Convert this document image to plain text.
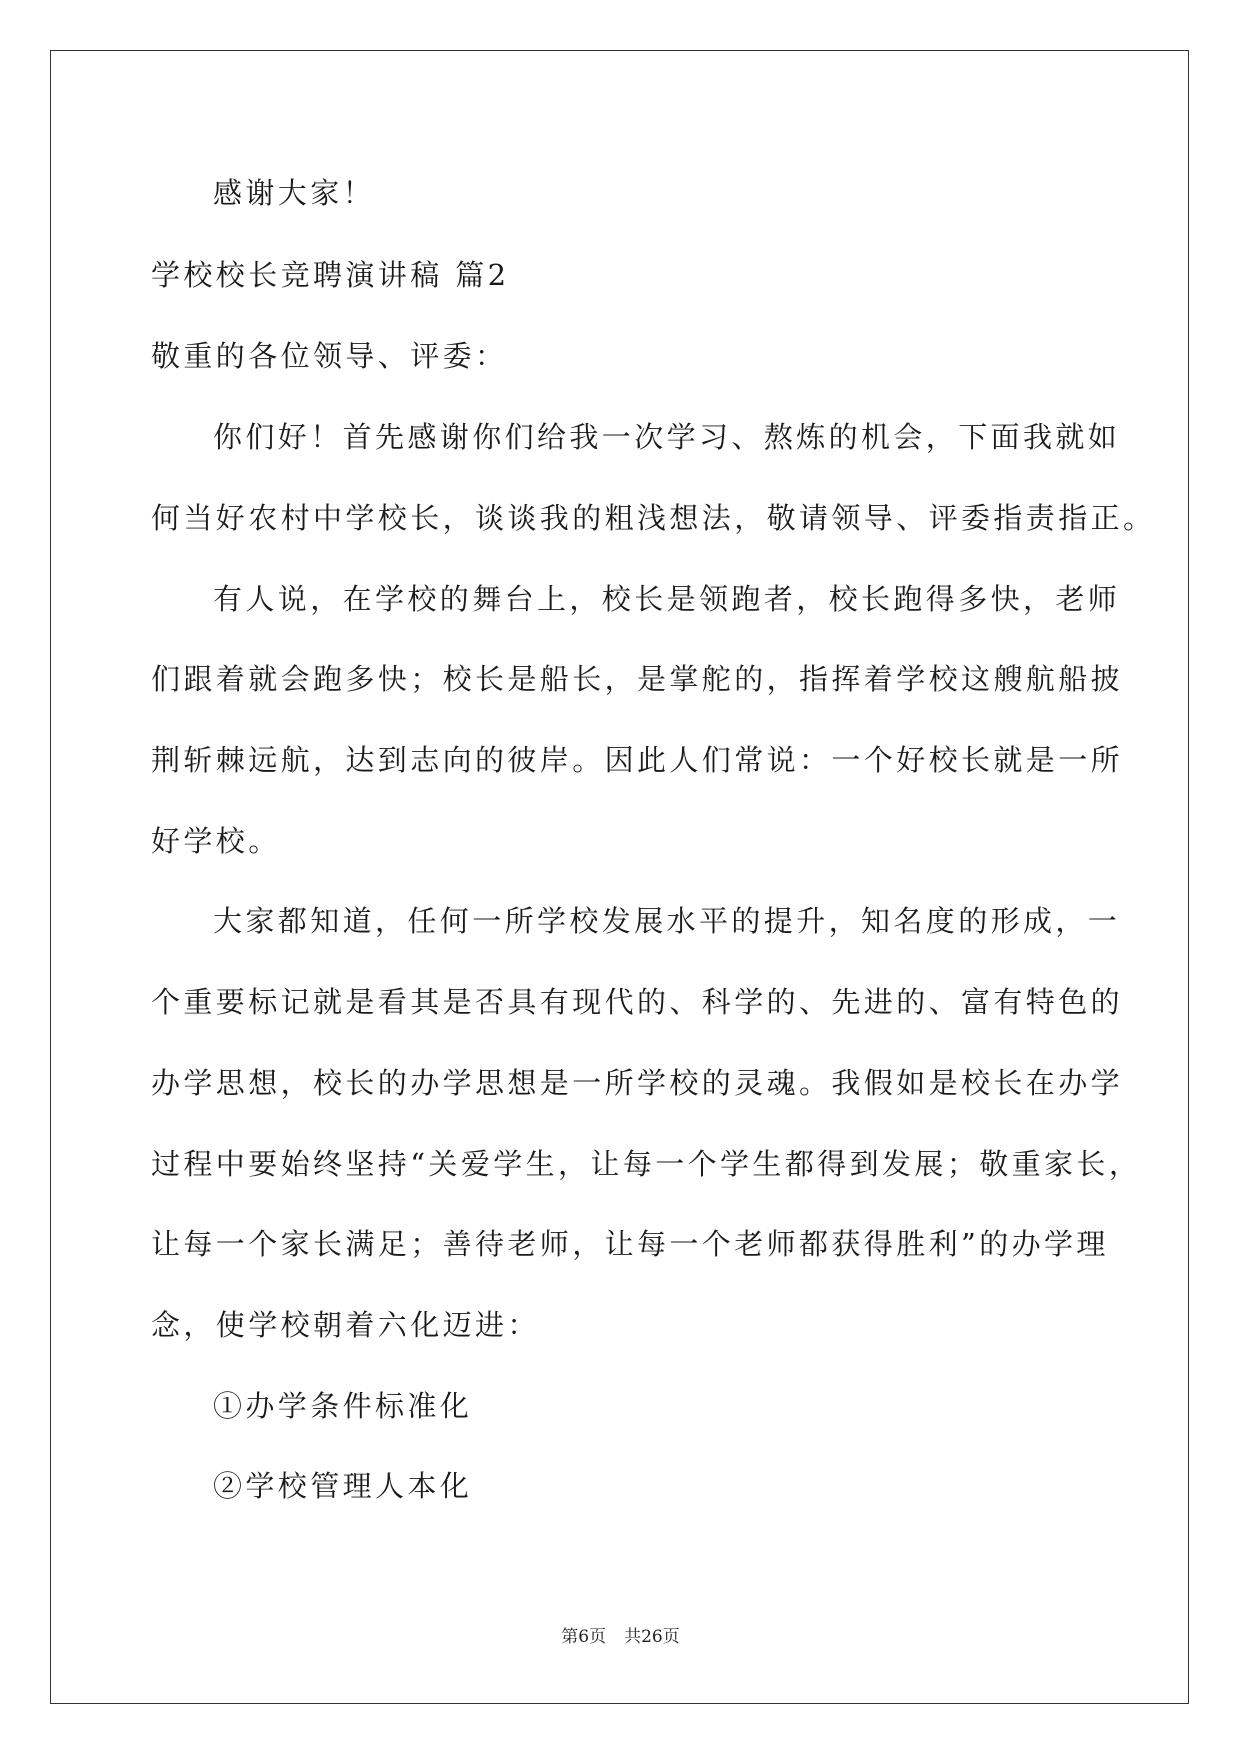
感谢大家！

学校校长竞聘演讲稿 篇2

敬重的各位领导、评委：

你们好！首先感谢你们给我一次学习、熬炼的机会，下面我就如

何当好农村中学校长，谈谈我的粗浅想法，敬请领导、评委指责指正。

有人说，在学校的舞台上，校长是领跑者，校长跑得多快，老师

们跟着就会跑多快；校长是船长，是掌舵的，指挥着学校这艘航船披

荆斩棘远航，达到志向的彼岸。因此人们常说：一个好校长就是一所

好学校。

大家都知道，任何一所学校发展水平的提升，知名度的形成，一

个重要标记就是看其是否具有现代的、科学的、先进的、富有特色的

办学思想，校长的办学思想是一所学校的灵魂。我假如是校长在办学

过程中要始终坚持“关爱学生，让每一个学生都得到发展；敬重家长，

让每一个家长满足；善待老师，让每一个老师都获得胜利”的办学理

念，使学校朝着六化迈进：

①办学条件标准化

②学校管理人本化

第6页 共26页
